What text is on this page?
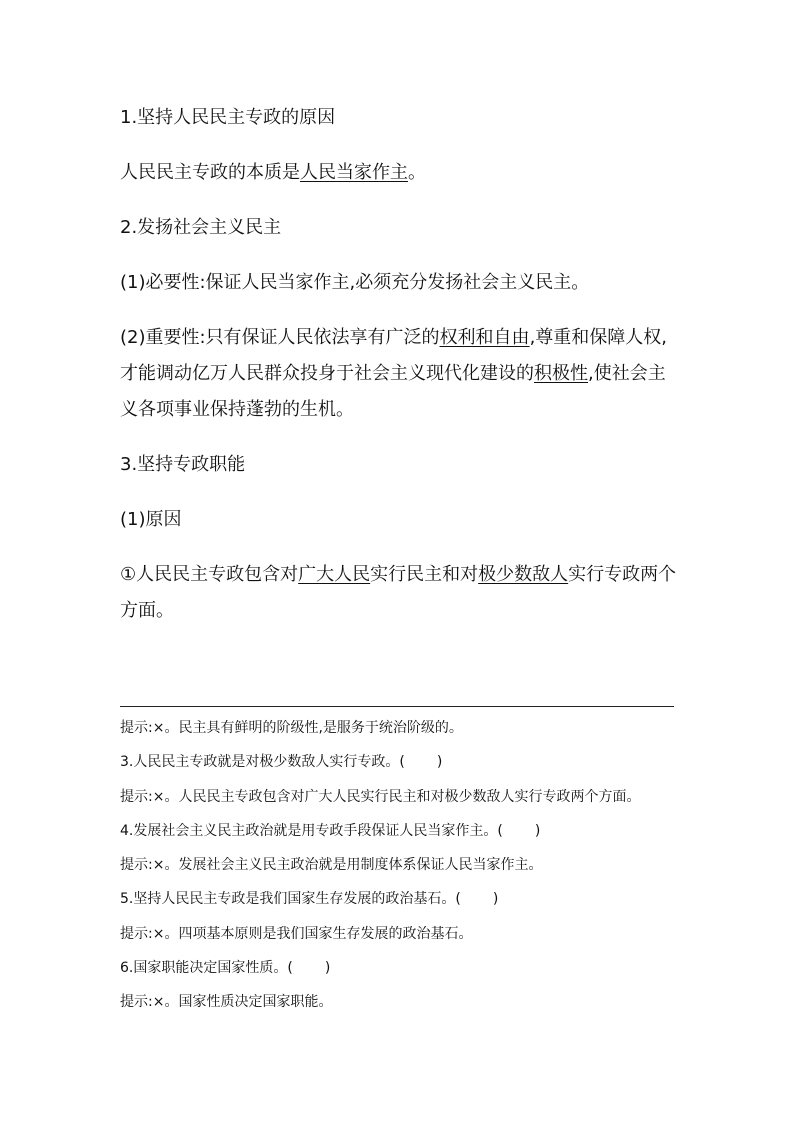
1.坚持人民民主专政的原因

人民民主专政的本质是人民当家作主。

2.发扬社会主义民主

(1)必要性:保证人民当家作主,必须充分发扬社会主义民主。

(2)重要性:只有保证人民依法享有广泛的权利和自由,尊重和保障人权,才能调动亿万人民群众投身于社会主义现代化建设的积极性,使社会主义各项事业保持蓬勃的生机。

3.坚持专政职能

(1)原因

①人民民主专政包含对广大人民实行民主和对极少数敌人实行专政两个方面。

提示:×。民主具有鲜明的阶级性,是服务于统治阶级的。

3.人民民主专政就是对极少数敌人实行专政。( )

提示:×。人民民主专政包含对广大人民实行民主和对极少数敌人实行专政两个方面。

4.发展社会主义民主政治就是用专政手段保证人民当家作主。( )

提示:×。发展社会主义民主政治就是用制度体系保证人民当家作主。

5.坚持人民民主专政是我们国家生存发展的政治基石。( )

提示:×。四项基本原则是我们国家生存发展的政治基石。

6.国家职能决定国家性质。( )

提示:×。国家性质决定国家职能。
